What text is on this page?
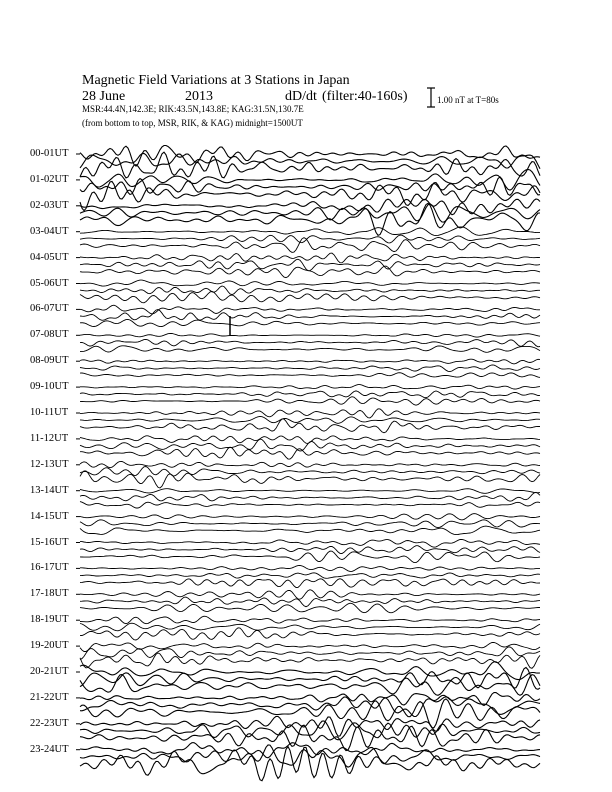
Magnetic Field Variations at 3 Stations in Japan
28 June	2013	dD/dt (filter:40-160s)
MSR:44.4N,142.3E; RIK:43.5N,143.8E; KAG:31.5N,130.7E
(from bottom to top, MSR, RIK, & KAG) midnight=1500UT
1.00 nT at T=80s
00-01UT
01-02UT
02-03UT
03-04UT
04-05UT
05-06UT
06-07UT
07-08UT
08-09UT
09-10UT
10-11UT
11-12UT
12-13UT
13-14UT
14-15UT
15-16UT
16-17UT
17-18UT
18-19UT
19-20UT
20-21UT
21-22UT
22-23UT
23-24UT
